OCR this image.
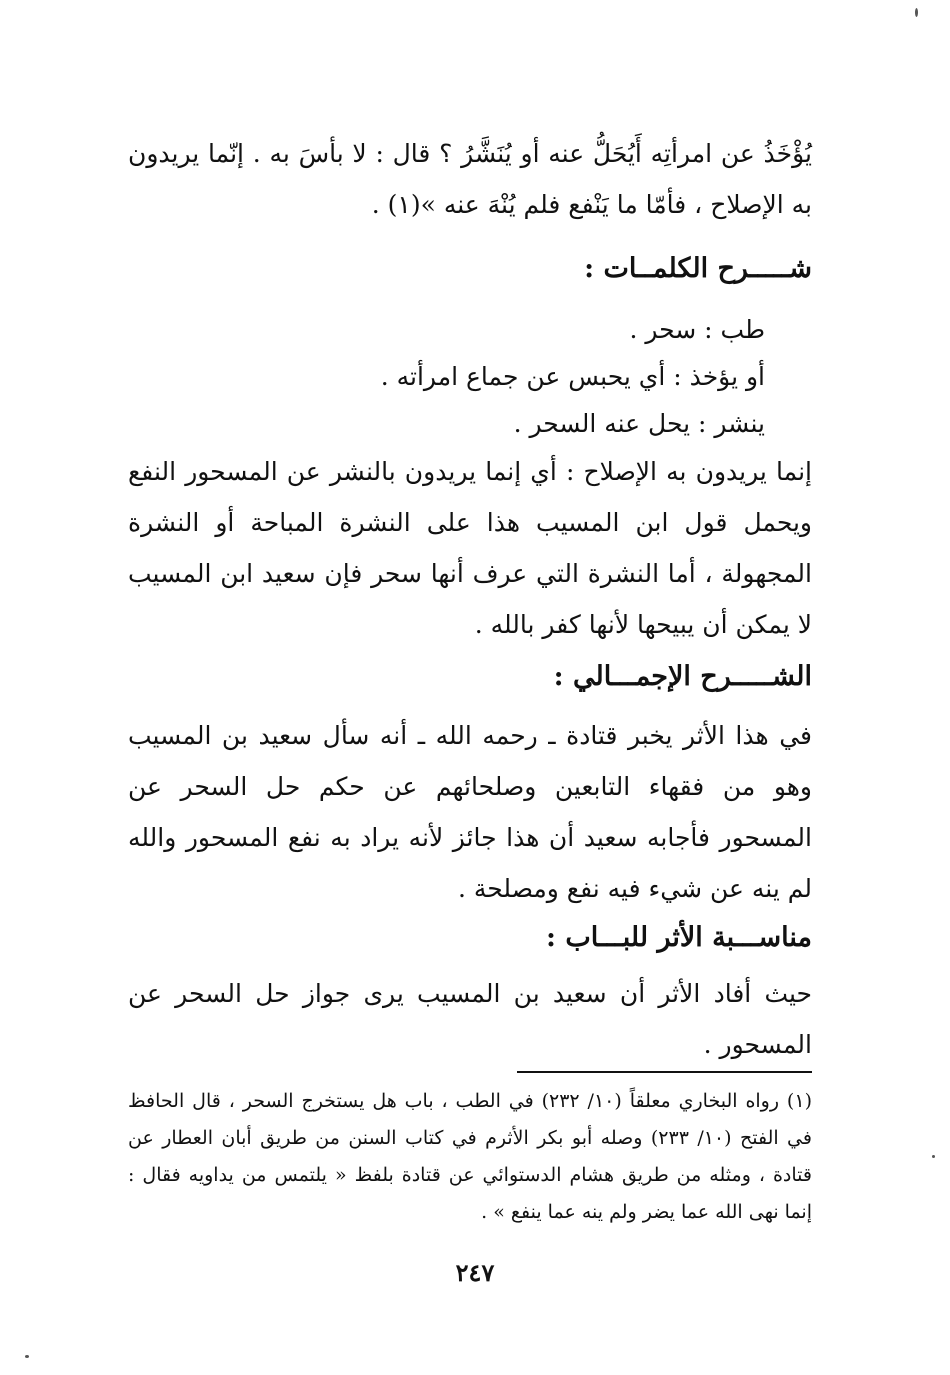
يُؤْخَذُ عن امرأتِه أَيُحَلُّ عنه أو يُنَشَّرُ ؟ قال : لا بأسَ به . إنّما يريدون به الإصلاح ، فأمّا ما يَنْفع فلم يُنْهَ عنه »(١) .

شـــــرح الكلمــات :

طب : سحر .

أو يؤخذ : أي يحبس عن جماع امرأته .

ينشر : يحل عنه السحر .

إنما يريدون به الإصلاح : أي إنما يريدون بالنشر عن المسحور النفع ويحمل قول ابن المسيب هذا على النشرة المباحة أو النشرة المجهولة ، أما النشرة التي عرف أنها سحر فإن سعيد ابن المسيب لا يمكن أن يبيحها لأنها كفر بالله .

الشـــــرح الإجمـــالي :

في هذا الأثر يخبر قتادة ـ رحمه الله ـ أنه سأل سعيد بن المسيب وهو من فقهاء التابعين وصلحائهم عن حكم حل السحر عن المسحور فأجابه سعيد أن هذا جائز لأنه يراد به نفع المسحور والله لم ينه عن شيء فيه نفع ومصلحة .

مناســـبة الأثر للبـــاب :

حيث أفاد الأثر أن سعيد بن المسيب يرى جواز حل السحر عن المسحور .

(١) رواه البخاري معلقاً (١٠/ ٢٣٢) في الطب ، باب هل يستخرج السحر ، قال الحافظ في الفتح (١٠/ ٢٣٣) وصله أبو بكر الأثرم في كتاب السنن من طريق أبان العطار عن قتادة ، ومثله من طريق هشام الدستوائي عن قتادة بلفظ « يلتمس من يداويه فقال : إنما نهى الله عما يضر ولم ينه عما ينفع » .

٢٤٧
